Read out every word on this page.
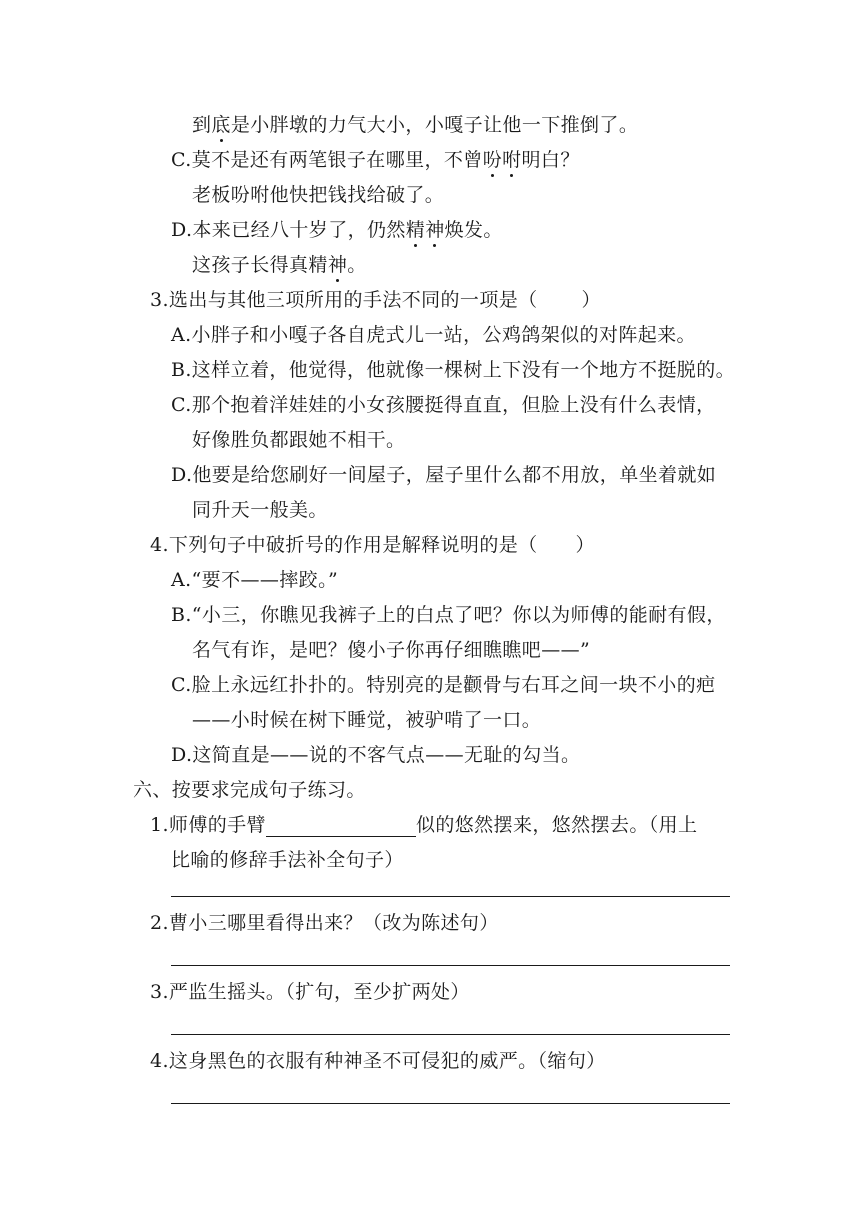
到底是小胖墩的力气大小，小嘎子让他一下推倒了。
C.莫不是还有两笔银子在哪里，不曾吩咐明白？
老板吩咐他快把钱找给破了。
D.本来已经八十岁了，仍然精神焕发。
这孩子长得真精神。
3.选出与其他三项所用的手法不同的一项是（ ）
A.小胖子和小嘎子各自虎式儿一站，公鸡鸽架似的对阵起来。
B.这样立着，他觉得，他就像一棵树上下没有一个地方不挺脱的。
C.那个抱着洋娃娃的小女孩腰挺得直直，但脸上没有什么表情，
好像胜负都跟她不相干。
D.他要是给您刷好一间屋子，屋子里什么都不用放，单坐着就如
同升天一般美。
4.下列句子中破折号的作用是解释说明的是（ ）
A.“要不——摔跤。”
B.“小三，你瞧见我裤子上的白点了吧？你以为师傅的能耐有假，
名气有诈，是吧？傻小子你再仔细瞧瞧吧——”
C.脸上永远红扑扑的。特别亮的是颧骨与右耳之间一块不小的疤
——小时候在树下睡觉，被驴啃了一口。
D.这简直是——说的不客气点——无耻的勾当。
六、按要求完成句子练习。
1.师傅的手臂	似的悠然摆来，悠然摆去。（用上
比喻的修辞手法补全句子）
2.曹小三哪里看得出来？（改为陈述句）
3.严监生摇头。（扩句，至少扩两处）
4.这身黑色的衣服有种神圣不可侵犯的威严。（缩句）
